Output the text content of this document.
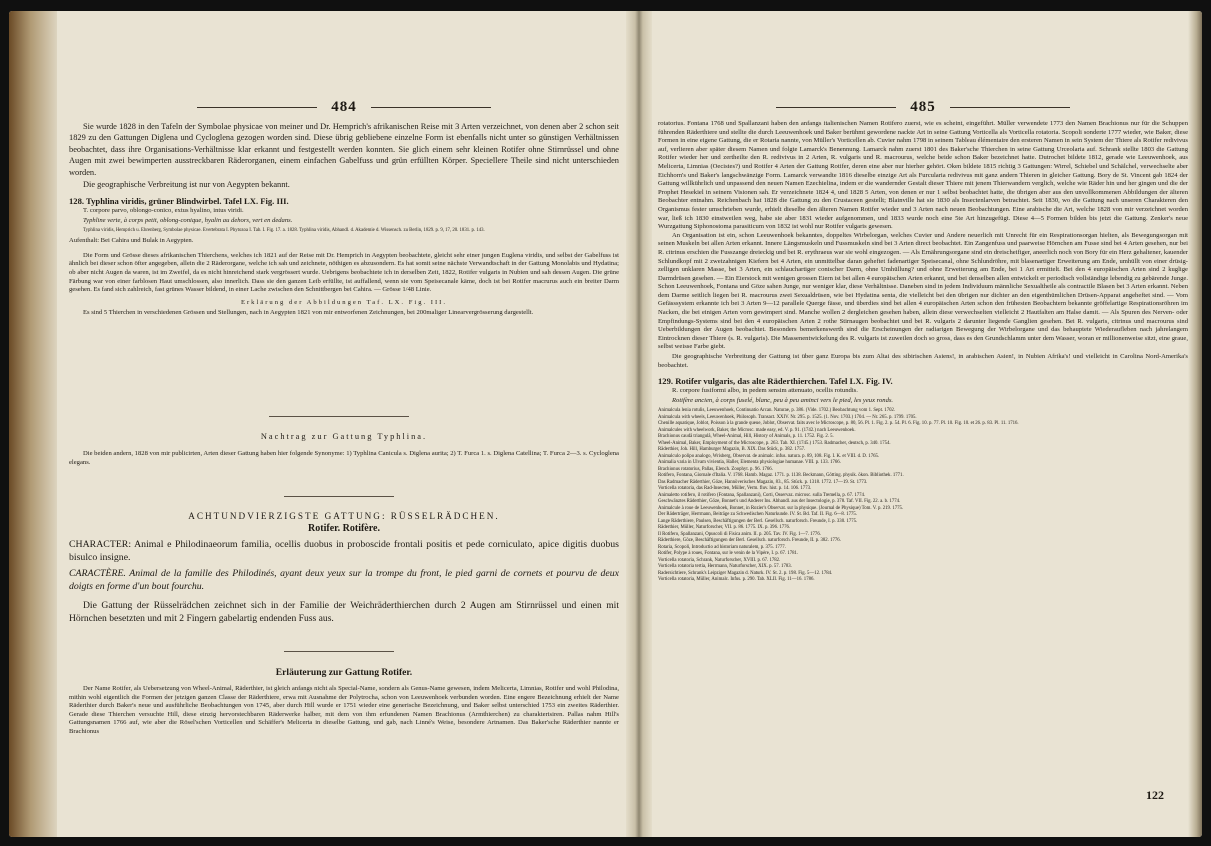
484

Sie wurde 1828 in den Tafeln der Symbolae physicae von meiner und Dr. Hemprich's afrikanischen Reise mit 3 Arten verzeichnet, von denen aber 2 schon seit 1829 zu den Gattungen Diglena und Cycloglena gezogen worden sind. Diese übrig gebliebene einzelne Form ist ebenfalls nicht unter so günstigen Verhältnissen beobachtet, dass ihre Organisations-Verhältnisse klar erkannt und festgestellt werden konnten. Sie glich einem sehr kleinen Rotifer ohne Stirnrüssel und ohne Augen mit zwei bewimperten ausstreckbaren Räderorganen, einem einfachen Gabelfuss und grün erfüllten Körper. Speciellere Theile sind nicht unterschieden worden.

Die geographische Verbreitung ist nur von Aegypten bekannt.

128. Typhlina viridis, grüner Blindwirbel. Tafel LX. Fig. III.

T. corpore parvo, oblongo-conico, extus hyalino, intus viridi.

Typhline verte, à corps petit, oblong-conique, hyalin au dehors, vert en dedans.

Typhlina viridis, Hemprich u. Ehrenberg, Symbolae physicae. Evertebrata I. Phytozoa I. Tab. I. Fig. 17. a. 1828. Typhlina viridis, Abhandl. d. Akademie d. Wissensch. zu Berlin, 1829. p. 9, 17, 20. 1831. p. 143.

Aufenthalt: Bei Cahira und Bulak in Aegypten.

Die Form und Grösse dieses afrikanischen Thierchens, welches ich 1821 auf der Reise mit Dr. Hemprich in Aegypten beobachtete, gleicht sehr einer jungen Euglena viridis, und selbst der Gabelfuss ist ähnlich bei dieser schon öfter angegeben, allein die 2 Räderorgane, welche ich sah und zeichnete, nöthigen es abzusondern. Es hat somit seine nächste Verwandtschaft in der Gattung Monolabis und Hydatina; ob aber nicht Augen da waren, ist im Zweifel, da es nicht hinreichend stark vergrössert wurde. Uebrigens beobachtete ich in derselben Zeit, 1822, Rotifer vulgaris in Nubien und sah dessen Augen. Die grüne Färbung war von einer farblosen Haut umschlossen, also innerlich. Dass sie den ganzen Leib erfüllte, ist auffallend, wenn sie vom Speisecanale käme, doch ist bei Rotifer macrurus auch ein breiter Darm gesehen. Es fand sich zahlreich, fast grünes Wasser bildend, in einer Lache zwischen den Schnittbergen bei Cahira. — Grösse 1/48 Linie.

Erklärung der Abbildungen Taf. LX. Fig. III.

Es sind 5 Thierchen in verschiedenen Grössen und Stellungen, nach in Aegypten 1821 von mir entworfenen Zeichnungen, bei 200maliger Linearvergrösserung dargestellt.

Nachtrag zur Gattung Typhlina.

Die beiden andern, 1828 von mir publicirten, Arten dieser Gattung haben hier folgende Synonyme: 1) Typhlina Canicula s. Diglena aurita; 2) T. Furca 1. s. Diglena Catellina; T. Furca 2—3. s. Cycloglena elegans.

ACHTUNDVIERZIGSTE GATTUNG: RÜSSELRÄDCHEN.

Rotifer. Rotifère.

CHARACTER: Animal e Philodinaeorum familia, ocellis duobus in proboscide frontali positis et pede corniculato, apice digitis duobus bisulco insigne.

CARACTÈRE. Animal de la famille des Philodinés, ayant deux yeux sur la trompe du front, le pied garni de cornets et pourvu de deux doigts en forme d'un bout fourchu.

Die Gattung der Rüsselrädchen zeichnet sich in der Familie der Weichräderthierchen durch 2 Augen am Stirnrüssel und einen mit Hörnchen besetzten und mit 2 Fingern gabelartig endenden Fuss aus.

Erläuterung zur Gattung Rotifer.

Der Name Rotifer, als Uebersetzung von Wheel-Animal, Räderthier, ist gleich anfangs nicht als Special-Name, sondern als Genus-Name gewesen, indem Melicerta, Limnias, Rotifer und wohl Philodina, mithin wohl eigentlich die Formen der jetzigen ganzen Classe der Räderthiere, erwa mit Ausnahme der Polytrocha, schon von Leeuwenhoek verbunden worden. Eine engere Bezeichnung erhielt der Name Räderthier durch Baker's neue und ausführliche Beobachtungen von 1745, aber durch Hill wurde er 1751 wieder eine generische Bezeichnung, und Baker selbst unterschied 1753 ein zweites Räderthier. Gerade diese Thierchen versuchte Hill, diese einzig hervorstechbaren Räderwerke halber, mit dem von ihm erfundenen Namen Brachionus (Armthierchen) zu charakterisiren. Pallas nahm Hill's Gattungsnamen 1766 auf, wie aber die Rösel'schen Vorticellen und Schäffer's Melicerta in dieselbe Gattung, und gab, nach Linné's Weise, besondere Artnamen. Das Baker'sche Räderthier nannte er Brachionus

485

rotatorius. Fontana 1768 und Spallanzani haben den anfangs italienischen Namen Rotifero zuerst, wie es scheint, eingeführt. Müller verwendete 1773 den Namen Brachionus nur für die Schuppen führenden Räderthiere und stellte die durch Leeuwenhoek und Baker berühmt gewordene nackte Art in seine Gattung Vorticella als Vorticella rotatoria. Scopoli sonderte 1777 wieder, wie Baker, diese Formen in eine eigene Gattung, die er Rotaria nannte, von Müller's Vorticellen ab. Cuvier nahm 1798 in seinem Tableau élémentaire den ersteren Namen in sein System der Thiere als Rotifer redivivus auf, verlieren aber später diesem Namen und folgte Lamarck's Benennung. Lamarck nahm zuerst 1801 des Baker'sche Thierchen in seine Gattung Urceolaria auf. Schrank stellte 1803 die Gattung Rotifer wieder her und zertheilte den R. redivivus in 2 Arten, R. vulgaris und R. macrourus, welche beide schon Baker bezeichnet hatte. Dutrochet bildete 1812, gerade wie Leeuwenhoek, aus Melicerta, Limnias (Oecistes?) und Rotifer 4 Arten der Gattung Rotifer, deren eine aber nur hierher gehört. Oken bildete 1815 richtig 3 Gattungen: Wirrel, Schiebel und Schälchel, verwechselte aber Eichhorn's und Baker's langschwänzige Form. Lamarck verwandte 1816 dieselbe einzige Art als Furcularia redivivus mit ganz andern Thieren in gleicher Gattung. Bory de St. Vincent gab 1824 der Gattung willkührlich und unpassend den neuen Namen Ezechielina, indem er die wandernder Gestalt dieser Thiere mit jenem Thierwandern verglich, welche wie Räder hin und her gingen und die der Prophet Hesekiel in seinem Visionen sah. Er verzeichnete 1824 4, und 1828 5 Arten, von denen er nur 1 selbst beobachtet hatte, die übrigen aber aus den unvollkommenen Abbildungen der älteren Beobachter entnahm. Reichenbach hat 1828 die Gattung zu den Crustaceen gestellt; Blainville hat sie 1830 als Insectenlarven betrachtet. Seit 1830, wo die Gattung nach unseren Charakteren den Organismus fester umschrieben wurde, erhielt dieselbe den älteren Namen Rotifer wieder und 3 Arten nach neuen Beobachtungen. Eine arabische die Art, welche 1828 von mir verzeichnet worden war, ließ ich 1830 einstweilen weg, habe sie aber 1831 wieder aufgenommen, und 1833 wurde noch eine 5te Art hinzugefügt. Diese 4—5 Formen bilden bis jetzt die Gattung. Zenker's neue Wurzgattung Siphonostoma parasiticum von 1832 ist wohl nur Rotifer vulgaris gewesen.

An Organisation ist ein, schon Leeuwenhoek bekanntes, doppeltes Wirbelorgan, welches Cuvier und Andere neuerlich mit Unrecht für ein Respirationsorgan hielten, als Bewegungsorgan mit seinen Muskeln bei allen Arten erkannt. Innere Längsmuskeln und Fussmuskeln sind bei 3 Arten direct beobachtet. Ein Zangenfuss und paarweise Hörnchen am Fusse sind bei 4 Arten gesehen, nur bei R. citrinus erschien die Fusszange dreieckig und bei R. erythraeus war sie wohl eingezogen. — Als Ernährungsorgane sind ein dreischeifiger, aneerlich noch von Bory für ein Herz gehaltener, kauender Schlundkopf mit 2 zweizahnigen Kiefern bei 4 Arten, ein unmittelbar daran geheftet fadenartiger Speisecanal, ohne Schlundröhre, mit blasenartiger Erweiterung am Ende, umhüllt von einer drüsig-zelligen unklaren Masse, bei 3 Arten, ein schlauchartiger conischer Darm, ohne Umhüllung? und ohne Erweiterung am Ende, bei 1 Art ermittelt. Bei den 4 europäischen Arten sind 2 kuglige Darmdrüsen gesehen. — Ein Eierstock mit wenigen grossen Eiern ist bei allen 4 europäischen Arten erkannt, und bei denselben allen entwickelt er periodisch vollständige lebendig zu gebärende Junge. Schon Leeuwenhoek, Fontana und Göze sahen Junge, nur weniger klar, diese Verhältnisse. Daneben sind in jedem Individuum männliche Sexualtheile als contractile Blasen bei 3 Arten erkannt. Neben dem Darme seitlich liegen bei R. macrourus zwei Sexualdrüsen, wie bei Hydatina senta, die vielleicht bei den übrigen nur dichter an den eigenthümlichen Drüsen-Apparat angeheftet sind. — Vom Gefässsystem erkannte ich bei 3 Arten 9—12 parallele Querge fässe, und überdies sind bei allen 4 europäischen Arten schon den frühesten Beobachtern bekannte gröffelartige Respirationsröhren im Nacken, die bei einigen Arten vorn gewimpert sind. Manche wollen 2 dergleichen gesehen haben, allein diese verwechselten vielleicht 2 Hautfalten am Halse damit. — Als Spuren des Nerven- oder Empfindungs-Systems sind bei den 4 europäischen Arten 2 rothe Stirnaugen beobachtet und bei R. vulgaris 2 darunter liegende Ganglien gesehen. Bei R. vulgaris, citrinus und macrourus sind Ueberbildungen der Augen beobachtet. Besonders bemerkenswerth sind die Erscheinungen der radiarigen Bewegung der Wirbelorgane und das behauptete Wiederaufleben nach jahrelangem Eintrocknen dieser Thiere (s. R. vulgaris). Die Massenentwickelung des R. vulgaris ist zuweilen doch so gross, dass es den Grundschlamm unter dem Wasser, woran er millionenweise sitzt, eine graue, selbst weisse Farbe giebt.

Die geographische Verbreitung der Gattung ist über ganz Europa bis zum Altai des sibirischen Asiens!, in arabischen Asien!, in Nubien Afrika's! und vielleicht in Carolina Nord-Amerika's beobachtet.

129. Rotifer vulgaris, das alte Räderthierchen. Tafel LX. Fig. IV.

R. corpore fusiformi albo, in pedem sensim attenuato, ocellis rotundis.

Rotifère ancien, à corps fuselé, blanc, peu à peu aminci vers le pied, les yeux ronds.

Animalcula lenia rotulis, Leeuwenhoek, Continuatio Arcan. Naturae, p. 386. (Vide. 1702.) Beobachtung vom 1. Sept. 1702.

Animalcula with wheels, Leeuwenhoek, Philosoph. Transact. XXIV. Nr. 295. p. 1525. (1. Nov. 1703.) 1704. — Nr. 265. p. 1799. 1705.

Chenille aquatique, Joblot, Poisson à la grande queue, Joblot, Observat. faits avec le Microscope, p. 80, 56. Pl. 1. Fig. 2. p. 54. Pl. 6. Fig. 10. p. 77. Pl. 10. Fig. 10. et 26. p. 83. Pl. 11. 1716.

Animalcules with wheelwork, Baker, the Microsc. made easy, ed. V. p. 91. (1742.) nach Leeuwenhoek.

Brachionus caudâ triangulâ, Wheel-Animal, Hill, History of Animals, p. 11. 1752. Fig. 2. 5.

Wheel-Animal, Baker, Employment of the Microscope, p. 263. Tab. XI. (1745.) 1753. Radmacher, deutsch, p. 340. 1754.

Räderthier, Joh. Hill, Hamburger Magazin, B. XIX. Das Stück, p. 382. 1757.

Animalculo polipo analogo, Wrisberg, Observat. de animalc. infus. natura. p. 89, 108. Fig. I. K. et VIII. d. D. 1765.

Animalia varia in Ulvam vivientia, Haller, Elementa physiologiae humanae. VIII. p. 133. 1766.

Brachionus rotatorius, Pallas, Elench. Zoophyt. p. 96. 1766.

Rotifero, Fontana, Giornale d'Italia. V. 1768. Hamb. Magaz. 1771. p. 1138. Beckmann, Götting. physik. ökon. Bibliothek. 1771.

Das Radmacher Räderthier, Göze, Hannöverisches Magazin, 83., 85. Stück. p. 1318. 1772. 17—19. St. 1773.

Vorticella rotatoria, das Rad-Insecten, Müller, Verm. fluv. hist. p. 14. 106. 1773.

Animaletto rotifero, il rotifero (Fontana, Spallanzani), Corti, Osservaz. microsc. sulla Tremella, p. 67. 1774.

Geschwänztes Räderthier, Göze, Bonnet's und Anderer Ins. Abhandl. aus der Insectologie, p. 378. Taf. VII. Fig. 22. a. b. 1774.

Animalcule à roue de Leeuwenhoek, Bonnet, in Rozier's Observat. sur la physique. (Journal de Physique) Tom. V. p. 219. 1775.

Der Räderträger, Herrmann, Beiträge zu Schwedischen Naturkunde. IV. St. Bd. Taf. II. Fig. 6—8. 1775.

Lange Räderthiere, Paulsen, Beschäftigungen der Berl. Gesellsch. naturforsch. Freunde, I. p. 330. 1775.

Räderthier, Müller, Naturforscher, VII. p. 86. 1775. IX. p. 396. 1776.

Il Rotifero, Spallanzani, Opuscoli di Fisica anim. II. p. 205. Tav. IV. Fig. 1—7. 1776.

Räderthiere, Göze, Beschäftigungen der Berl. Gesellsch. naturforsch. Freunde, II. p. 382. 1776.

Rotaria, Scopoli, Introductio ad historiam naturalem, p. 375. 1777.

Rotifer, Polype à roues, Fontana, sur le venin de la Vipère, I. p. 67. 1781.

Vorticella rotatoria, Schrank, Naturforscher, XVIII. p. 67. 1782.

Vorticella rotatoria tertia, Herrmann, Naturforscher, XIX. p. 57. 1783.

Radersichtiere, Schrank's Leipziger Magazin d. Naturk. IV. St. 2. p. 198. Fig. 5—12. 1784.

Vorticella rotatoria, Müller, Animalc. Infus. p. 290. Tab. XLII. Fig. 11—16. 1786.

122
